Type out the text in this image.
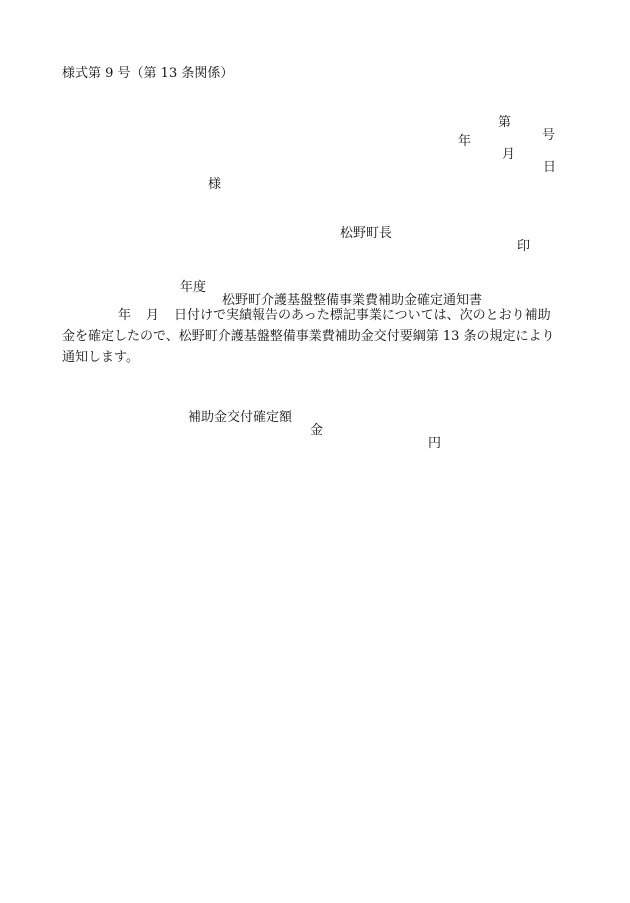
様式第 9 号（第 13 条関係）

第

号

年

月

日

様

松野町長

印

年度

松野町介護基盤整備事業費補助金確定通知書

年

月

日付けで実績報告のあった標記事業については、次のとおり補助

金を確定したので、松野町介護基盤整備事業費補助金交付要綱第 13 条の規定により

通知します。

補助金交付確定額

金

円
